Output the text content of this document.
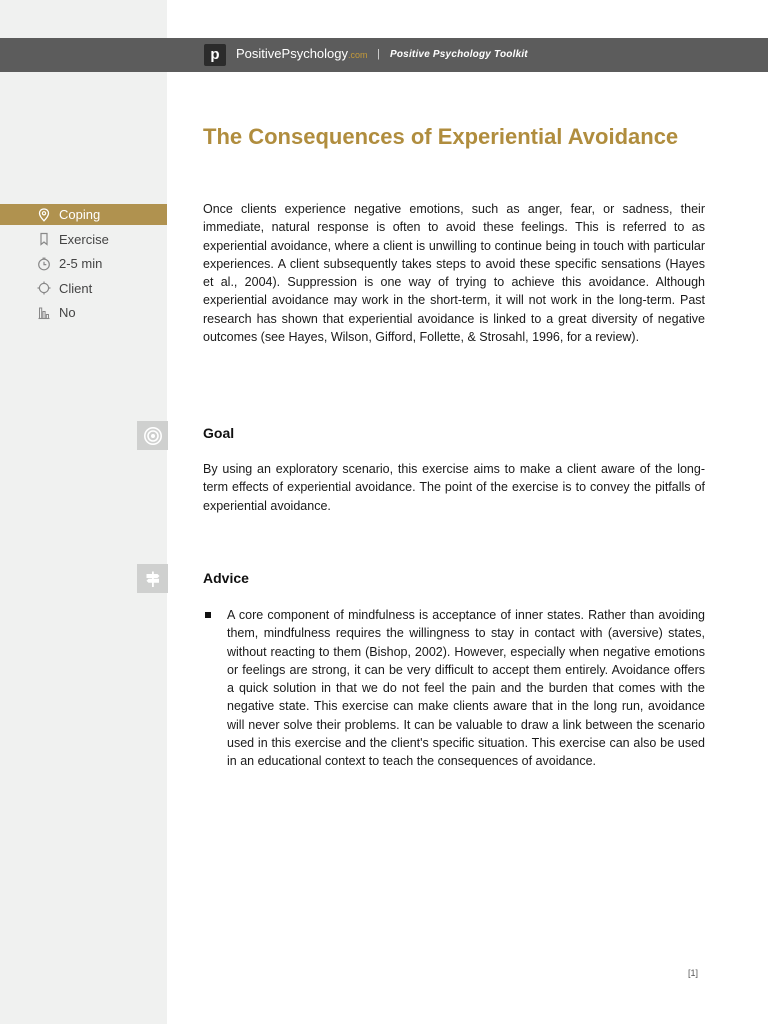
p	PositivePsychology.com | Positive Psychology Toolkit
The Consequences of Experiential Avoidance
Coping
Exercise
2-5 min
Client
No

Once clients experience negative emotions, such as anger, fear, or sadness, their immediate, natural response is often to avoid these feelings. This is referred to as experiential avoidance, where a client is unwilling to continue being in touch with particular experiences. A client subsequently takes steps to avoid these specific sensations (Hayes et al., 2004). Suppression is one way of trying to achieve this avoidance. Although experiential avoidance may work in the short-term, it will not work in the long-term. Past research has shown that experiential avoidance is linked to a great diversity of negative outcomes (see Hayes, Wilson, Gifford, Follette, & Strosahl, 1996, for a review).

Goal

By using an exploratory scenario, this exercise aims to make a client aware of the long-term effects of experiential avoidance. The point of the exercise is to convey the pitfalls of experiential avoidance.

Advice

A core component of mindfulness is acceptance of inner states. Rather than avoiding them, mindfulness requires the willingness to stay in contact with (aversive) states, without reacting to them (Bishop, 2002). However, especially when negative emotions or feelings are strong, it can be very difficult to accept them entirely. Avoidance offers a quick solution in that we do not feel the pain and the burden that comes with the negative state. This exercise can make clients aware that in the long run, avoidance will never solve their problems. It can be valuable to draw a link between the scenario used in this exercise and the client's specific situation. This exercise can also be used in an educational context to teach the consequences of avoidance.

[1]
